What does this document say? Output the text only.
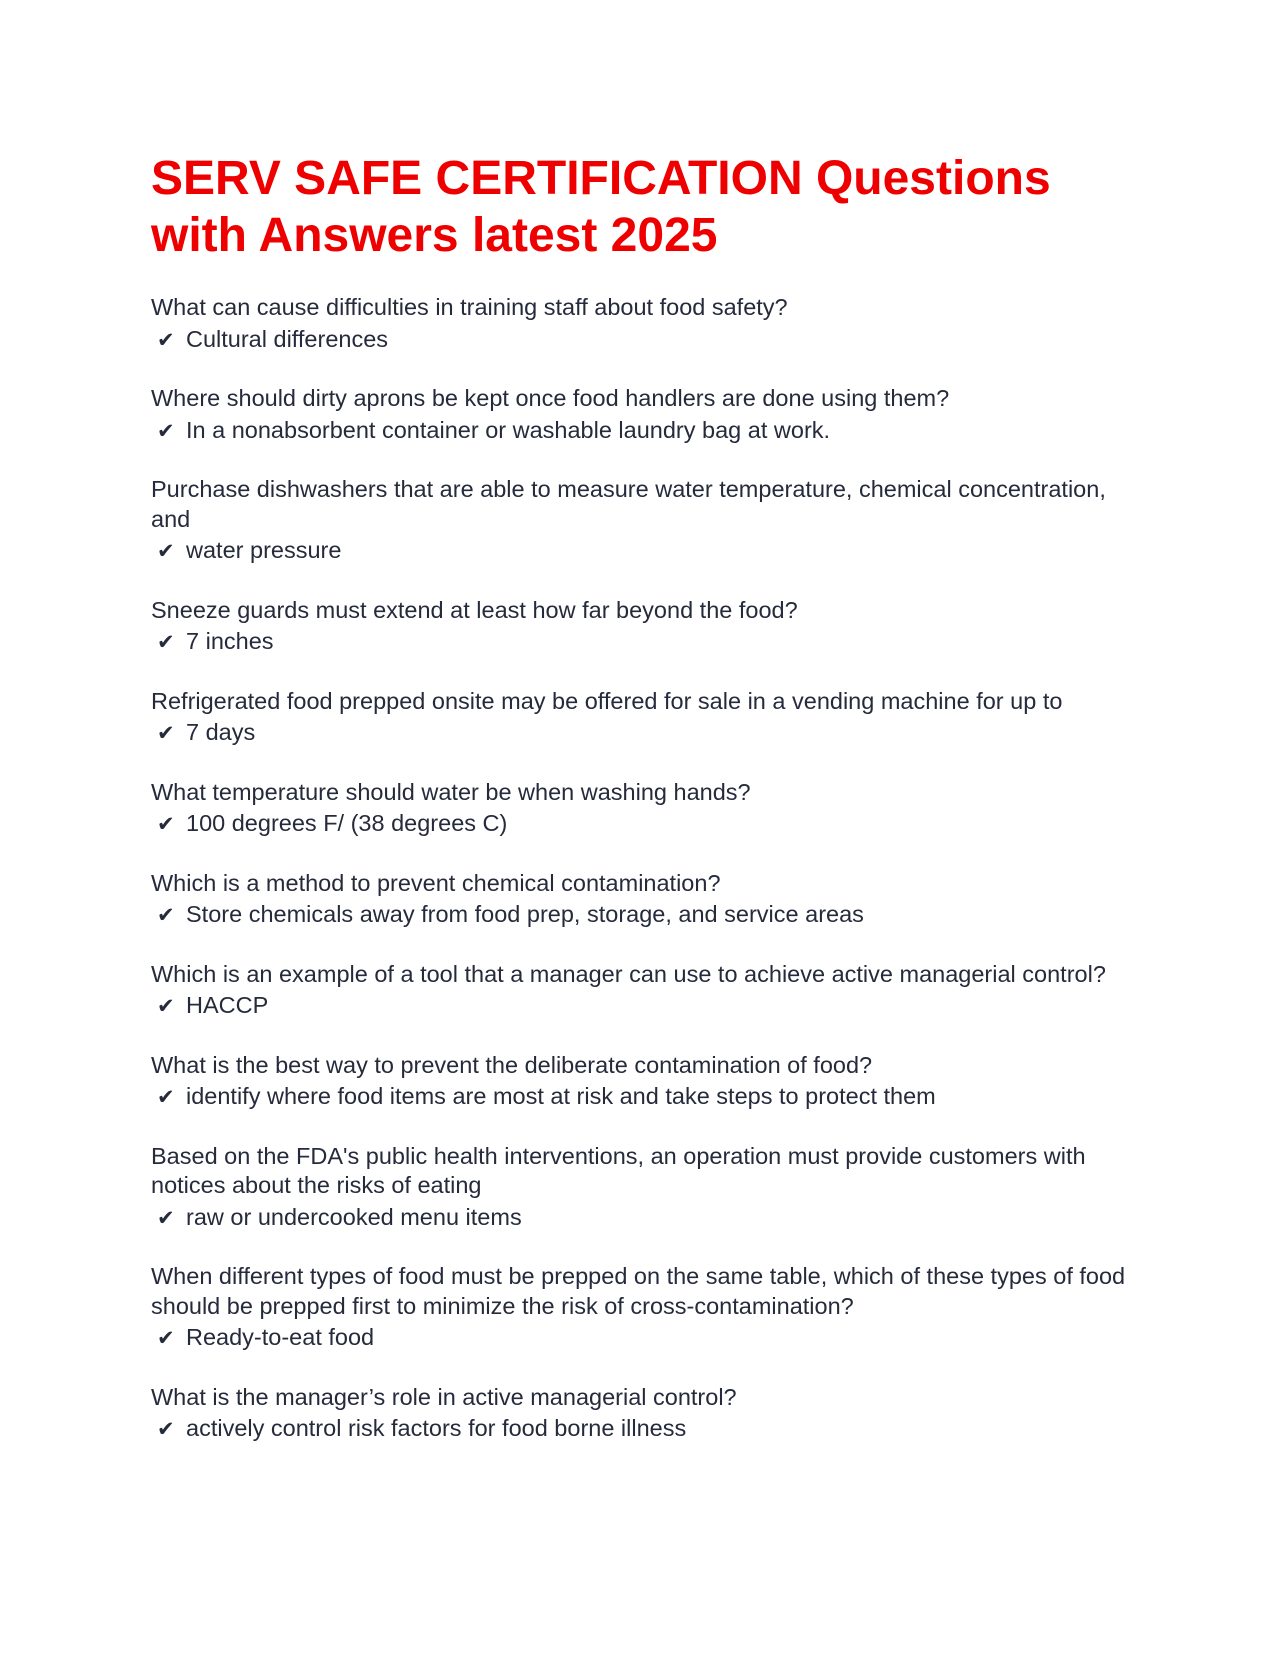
SERV SAFE CERTIFICATION Questions with Answers latest 2025
What can cause difficulties in training staff about food safety?
✔ Cultural differences
Where should dirty aprons be kept once food handlers are done using them?
✔ In a nonabsorbent container or washable laundry bag at work.
Purchase dishwashers that are able to measure water temperature, chemical concentration, and
✔ water pressure
Sneeze guards must extend at least how far beyond the food?
✔ 7 inches
Refrigerated food prepped onsite may be offered for sale in a vending machine for up to
✔ 7 days
What temperature should water be when washing hands?
✔ 100 degrees F/ (38 degrees C)
Which is a method to prevent chemical contamination?
✔ Store chemicals away from food prep, storage, and service areas
Which is an example of a tool that a manager can use to achieve active managerial control?
✔ HACCP
What is the best way to prevent the deliberate contamination of food?
✔ identify where food items are most at risk and take steps to protect them
Based on the FDA's public health interventions, an operation must provide customers with notices about the risks of eating
✔ raw or undercooked menu items
When different types of food must be prepped on the same table, which of these types of food should be prepped first to minimize the risk of cross-contamination?
✔ Ready-to-eat food
What is the manager’s role in active managerial control?
✔ actively control risk factors for food borne illness
